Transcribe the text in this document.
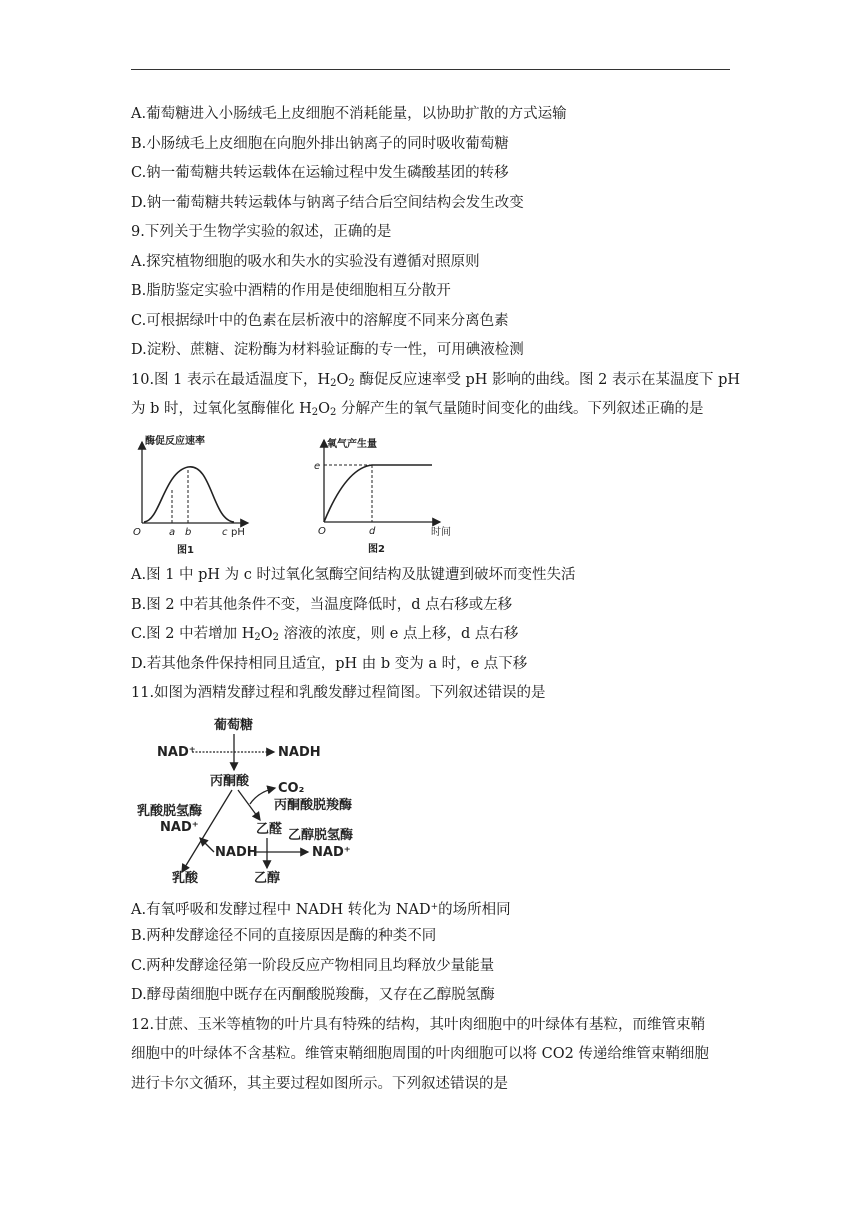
A.葡萄糖进入小肠绒毛上皮细胞不消耗能量，以协助扩散的方式运输
B.小肠绒毛上皮细胞在向胞外排出钠离子的同时吸收葡萄糖
C.钠一葡萄糖共转运载体在运输过程中发生磷酸基团的转移
D.钠一葡萄糖共转运载体与钠离子结合后空间结构会发生改变
9.下列关于生物学实验的叙述，正确的是
A.探究植物细胞的吸水和失水的实验没有遵循对照原则
B.脂肪鉴定实验中酒精的作用是使细胞相互分散开
C.可根据绿叶中的色素在层析液中的溶解度不同来分离色素
D.淀粉、蔗糖、淀粉酶为材料验证酶的专一性，可用碘液检测
10.图 1 表示在最适温度下，$H_2O_2$ 酶促反应速率受 pH 影响的曲线。图 2 表示在某温度下 pH
为 b 时，过氧化氢酶催化 $H_2O_2$ 分解产生的氧气量随时间变化的曲线。下列叙述正确的是
酶促反应速率
O	a b	c pH
图1
氧气产生量
e
O	d	时间
图2
A.图 1 中 pH 为 c 时过氧化氢酶空间结构及肽键遭到破坏而变性失活
B.图 2 中若其他条件不变，当温度降低时，d 点右移或左移
C.图 2 中若增加 $H_2O_2$ 溶液的浓度，则 e 点上移，d 点右移
D.若其他条件保持相同且适宜，pH 由 b 变为 a 时，e 点下移
11.如图为酒精发酵过程和乳酸发酵过程简图。下列叙述错误的是
葡萄糖
NAD⁺	NADH
丙酮酸 CO₂
丙酮酸脱羧酶
乳酸脱氢酶
NAD⁺	乙醛 乙醇脱氢酶
NADH	NAD⁺
乳酸	乙醇
A.有氧呼吸和发酵过程中 NADH 转化为 NAD+的场所相同
B.两种发酵途径不同的直接原因是酶的种类不同
C.两种发酵途径第一阶段反应产物相同且均释放少量能量
D.酵母菌细胞中既存在丙酮酸脱羧酶，又存在乙醇脱氢酶
12.甘蔗、玉米等植物的叶片具有特殊的结构，其叶肉细胞中的叶绿体有基粒，而维管束鞘
细胞中的叶绿体不含基粒。维管束鞘细胞周围的叶肉细胞可以将 CO2 传递给维管束鞘细胞
进行卡尔文循环，其主要过程如图所示。下列叙述错误的是
